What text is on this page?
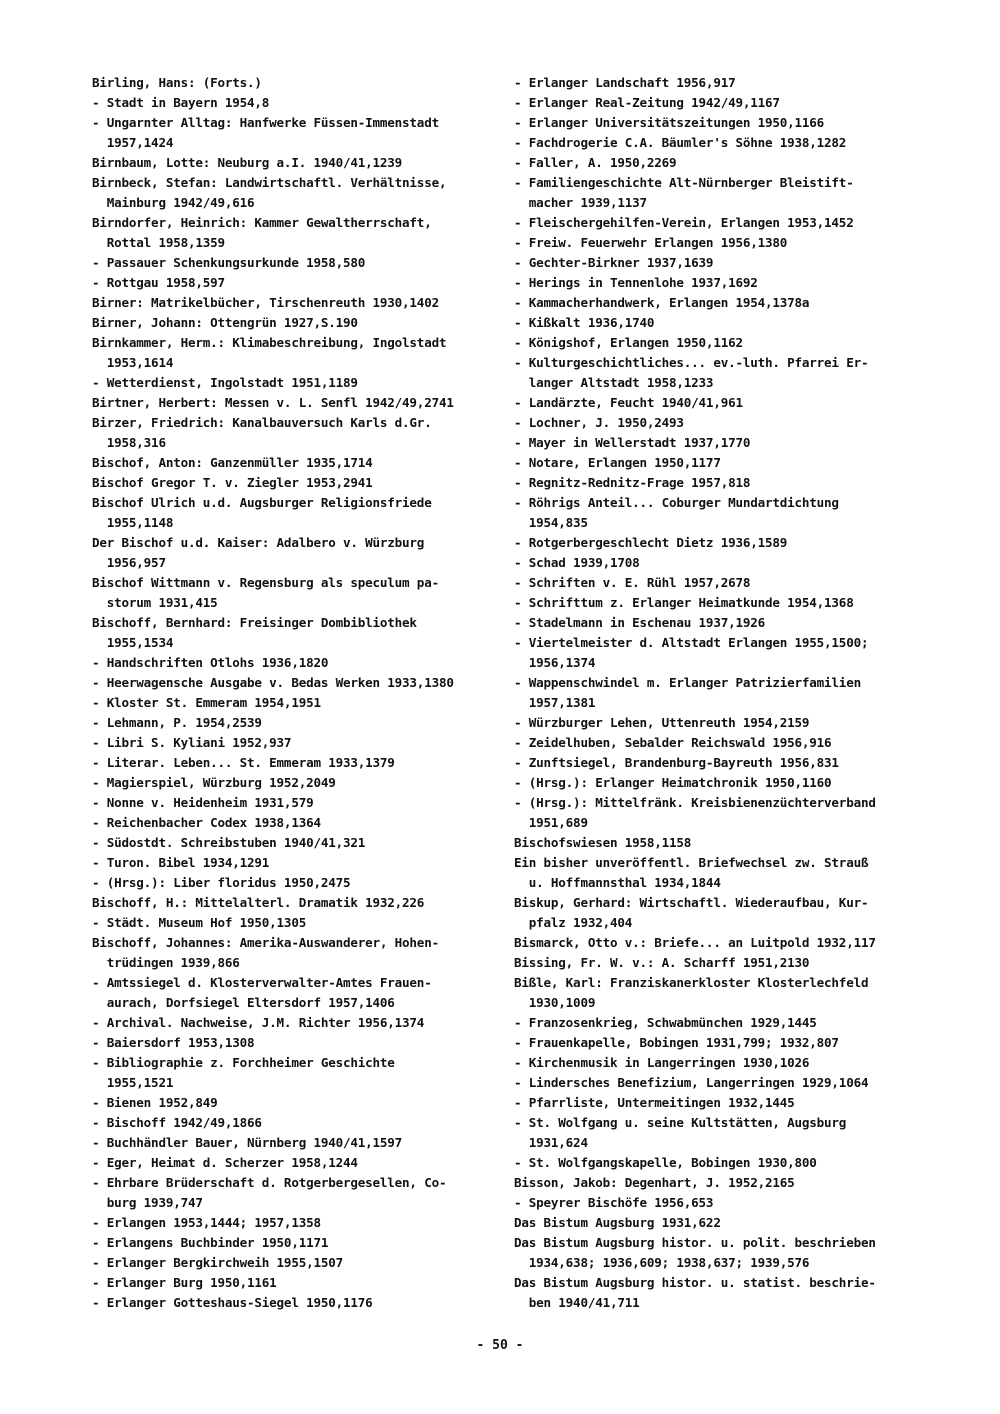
Birling, Hans: (Forts.)
- Stadt in Bayern 1954,8
- Ungarnter Alltag: Hanfwerke Füssen-Immenstadt
1957,1424
Birnbaum, Lotte: Neuburg a.I. 1940/41,1239
Birnbeck, Stefan: Landwirtschaftl. Verhältnisse,
Mainburg 1942/49,616
Birndorfer, Heinrich: Kammer Gewaltherrschaft,
Rottal 1958,1359
- Passauer Schenkungsurkunde 1958,580
- Rottgau 1958,597
Birner: Matrikelbücher, Tirschenreuth 1930,1402
Birner, Johann: Ottengrün 1927,S.190
Birnkammer, Herm.: Klimabeschreibung, Ingolstadt
1953,1614
- Wetterdienst, Ingolstadt 1951,1189
Birtner, Herbert: Messen v. L. Senfl 1942/49,2741
Birzer, Friedrich: Kanalbauversuch Karls d.Gr.
1958,316
Bischof, Anton: Ganzenmüller 1935,1714
Bischof Gregor T. v. Ziegler 1953,2941
Bischof Ulrich u.d. Augsburger Religionsfriede
1955,1148
Der Bischof u.d. Kaiser: Adalbero v. Würzburg
1956,957
Bischof Wittmann v. Regensburg als speculum pa-
storum 1931,415
Bischoff, Bernhard: Freisinger Dombibliothek
1955,1534
- Handschriften Otlohs 1936,1820
- Heerwagensche Ausgabe v. Bedas Werken 1933,1380
- Kloster St. Emmeram 1954,1951
- Lehmann, P. 1954,2539
- Libri S. Kyliani 1952,937
- Literar. Leben... St. Emmeram 1933,1379
- Magierspiel, Würzburg 1952,2049
- Nonne v. Heidenheim 1931,579
- Reichenbacher Codex 1938,1364
- Südostdt. Schreibstuben 1940/41,321
- Turon. Bibel 1934,1291
- (Hrsg.): Liber floridus 1950,2475
Bischoff, H.: Mittelalterl. Dramatik 1932,226
- Städt. Museum Hof 1950,1305
Bischoff, Johannes: Amerika-Auswanderer, Hohen-
trüdingen 1939,866
- Amtssiegel d. Klosterverwalter-Amtes Frauen-
aurach, Dorfsiegel Eltersdorf 1957,1406
- Archival. Nachweise, J.M. Richter 1956,1374
- Baiersdorf 1953,1308
- Bibliographie z. Forchheimer Geschichte
1955,1521
- Bienen 1952,849
- Bischoff 1942/49,1866
- Buchhändler Bauer, Nürnberg 1940/41,1597
- Eger, Heimat d. Scherzer 1958,1244
- Ehrbare Brüderschaft d. Rotgerbergesellen, Co-
burg 1939,747
- Erlangen 1953,1444; 1957,1358
- Erlangens Buchbinder 1950,1171
- Erlanger Bergkirchweih 1955,1507
- Erlanger Burg 1950,1161
- Erlanger Gotteshaus-Siegel 1950,1176
- Erlanger Landschaft 1956,917
- Erlanger Real-Zeitung 1942/49,1167
- Erlanger Universitätszeitungen 1950,1166
- Fachdrogerie C.A. Bäumler's Söhne 1938,1282
- Faller, A. 1950,2269
- Familiengeschichte Alt-Nürnberger Bleistift-
macher 1939,1137
- Fleischergehilfen-Verein, Erlangen 1953,1452
- Freiw. Feuerwehr Erlangen 1956,1380
- Gechter-Birkner 1937,1639
- Herings in Tennenlohe 1937,1692
- Kammacherhandwerk, Erlangen 1954,1378a
- Kißkalt 1936,1740
- Königshof, Erlangen 1950,1162
- Kulturgeschichtliches... ev.-luth. Pfarrei Er-
langer Altstadt 1958,1233
- Landärzte, Feucht 1940/41,961
- Lochner, J. 1950,2493
- Mayer in Wellerstadt 1937,1770
- Notare, Erlangen 1950,1177
- Regnitz-Rednitz-Frage 1957,818
- Röhrigs Anteil... Coburger Mundartdichtung
1954,835
- Rotgerbergeschlecht Dietz 1936,1589
- Schad 1939,1708
- Schriften v. E. Rühl 1957,2678
- Schrifttum z. Erlanger Heimatkunde 1954,1368
- Stadelmann in Eschenau 1937,1926
- Viertelmeister d. Altstadt Erlangen 1955,1500;
1956,1374
- Wappenschwindel m. Erlanger Patrizierfamilien
1957,1381
- Würzburger Lehen, Uttenreuth 1954,2159
- Zeidelhuben, Sebalder Reichswald 1956,916
- Zunftsiegel, Brandenburg-Bayreuth 1956,831
- (Hrsg.): Erlanger Heimatchronik 1950,1160
- (Hrsg.): Mittelfränk. Kreisbienenzüchterverband
1951,689
Bischofswiesen 1958,1158
Ein bisher unveröffentl. Briefwechsel zw. Strauß
u. Hoffmannsthal 1934,1844
Biskup, Gerhard: Wirtschaftl. Wiederaufbau, Kur-
pfalz 1932,404
Bismarck, Otto v.: Briefe... an Luitpold 1932,117
Bissing, Fr. W. v.: A. Scharff 1951,2130
Bißle, Karl: Franziskanerkloster Klosterlechfeld
1930,1009
- Franzosenkrieg, Schwabmünchen 1929,1445
- Frauenkapelle, Bobingen 1931,799; 1932,807
- Kirchenmusik in Langerringen 1930,1026
- Lindersches Benefizium, Langerringen 1929,1064
- Pfarrliste, Untermeitingen 1932,1445
- St. Wolfgang u. seine Kultstätten, Augsburg
1931,624
- St. Wolfgangskapelle, Bobingen 1930,800
Bisson, Jakob: Degenhart, J. 1952,2165
- Speyrer Bischöfe 1956,653
Das Bistum Augsburg 1931,622
Das Bistum Augsburg histor. u. polit. beschrieben
1934,638; 1936,609; 1938,637; 1939,576
Das Bistum Augsburg histor. u. statist. beschrie-
ben 1940/41,711
- 50 -
